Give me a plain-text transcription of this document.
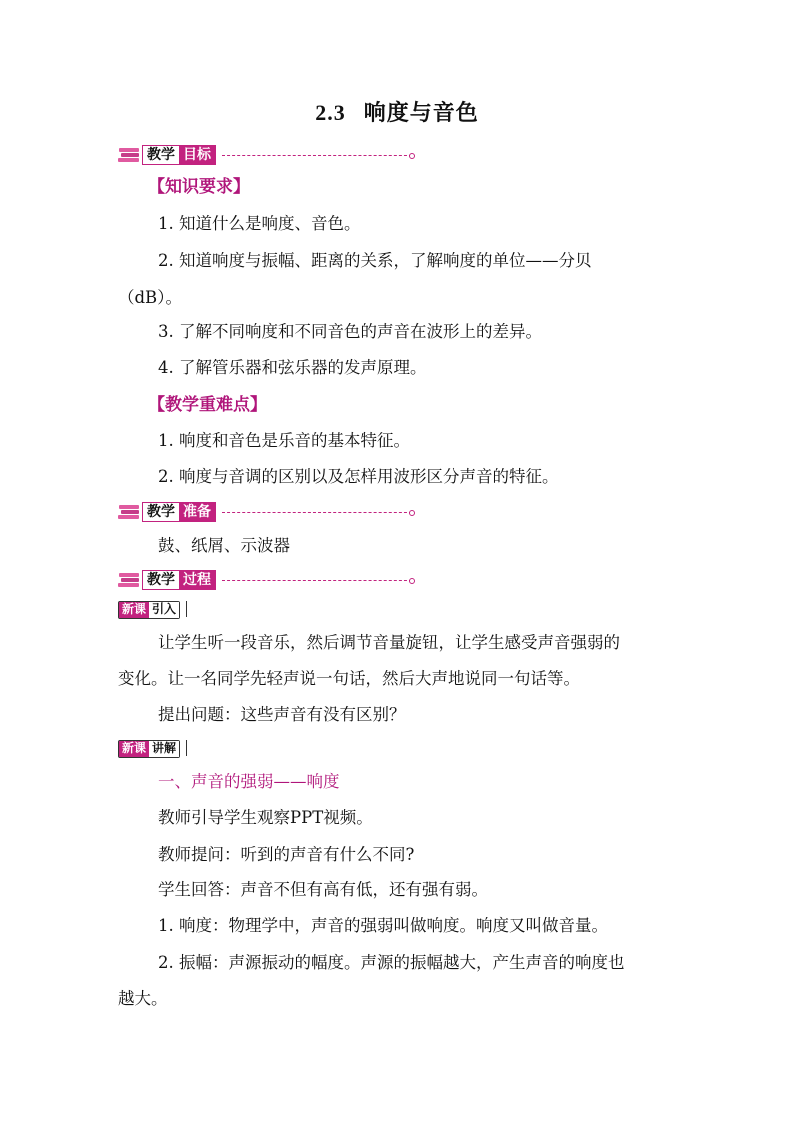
2.3 响度与音色
教学 目标
【知识要求】
1. 知道什么是响度、音色。
2. 知道响度与振幅、距离的关系，了解响度的单位——分贝
（dB）。
3. 了解不同响度和不同音色的声音在波形上的差异。
4. 了解管乐器和弦乐器的发声原理。
【教学重难点】
1. 响度和音色是乐音的基本特征。
2. 响度与音调的区别以及怎样用波形区分声音的特征。
教学 准备
鼓、纸屑、示波器
教学 过程
新课 引入
让学生听一段音乐，然后调节音量旋钮，让学生感受声音强弱的
变化。让一名同学先轻声说一句话，然后大声地说同一句话等。
提出问题：这些声音有没有区别？
新课 讲解
一、声音的强弱——响度
教师引导学生观察PPT视频。
教师提问：听到的声音有什么不同?
学生回答：声音不但有高有低，还有强有弱。
1. 响度：物理学中，声音的强弱叫做响度。响度又叫做音量。
2. 振幅：声源振动的幅度。声源的振幅越大，产生声音的响度也
越大。
